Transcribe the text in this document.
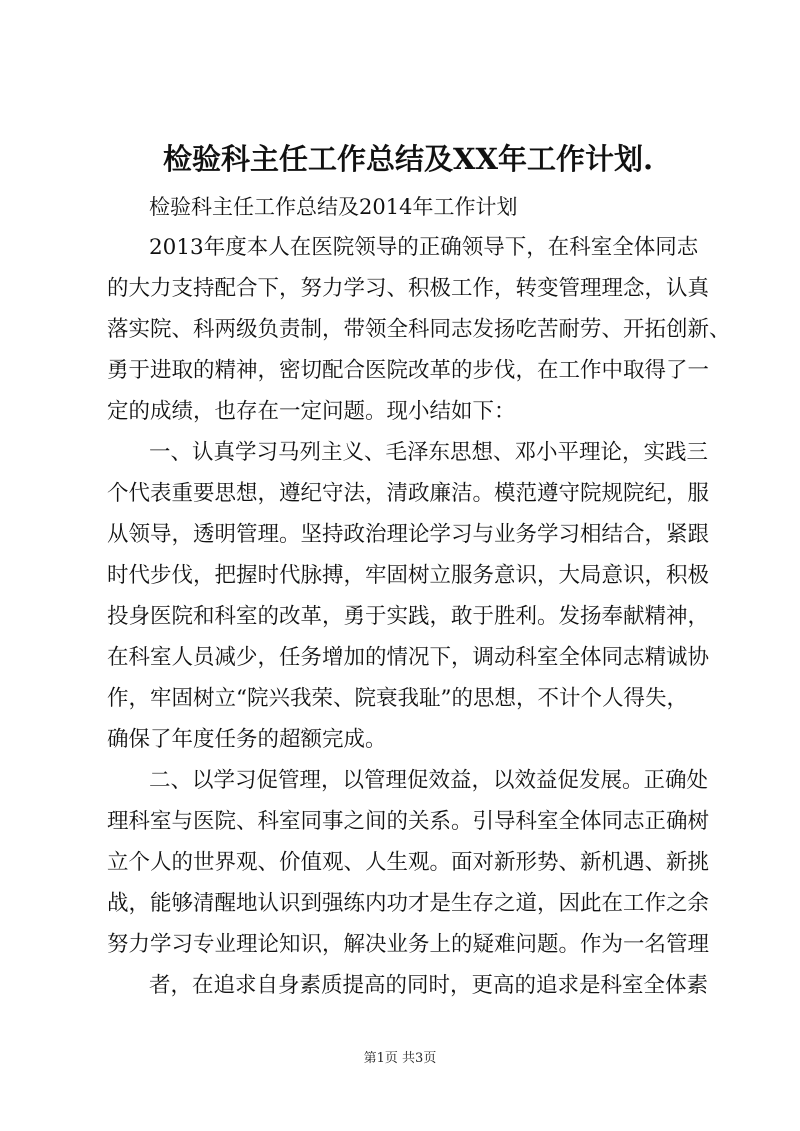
检验科主任工作总结及XX年工作计划.
检验科主任工作总结及2014年工作计划
2013年度本人在医院领导的正确领导下，在科室全体同志
的大力支持配合下，努力学习、积极工作，转变管理理念，认真
落实院、科两级负责制，带领全科同志发扬吃苦耐劳、开拓创新、
勇于进取的精神，密切配合医院改革的步伐，在工作中取得了一
定的成绩，也存在一定问题。现小结如下：
一、认真学习马列主义、毛泽东思想、邓小平理论，实践三
个代表重要思想，遵纪守法，清政廉洁。模范遵守院规院纪，服
从领导，透明管理。坚持政治理论学习与业务学习相结合，紧跟
时代步伐，把握时代脉搏，牢固树立服务意识，大局意识，积极
投身医院和科室的改革，勇于实践，敢于胜利。发扬奉献精神，
在科室人员减少，任务增加的情况下，调动科室全体同志精诚协
作，牢固树立“院兴我荣、院衰我耻”的思想，不计个人得失，
确保了年度任务的超额完成。
二、以学习促管理，以管理促效益，以效益促发展。正确处
理科室与医院、科室同事之间的关系。引导科室全体同志正确树
立个人的世界观、价值观、人生观。面对新形势、新机遇、新挑
战，能够清醒地认识到强练内功才是生存之道，因此在工作之余
努力学习专业理论知识，解决业务上的疑难问题。作为一名管理
者，在追求自身素质提高的同时，更高的追求是科室全体素
第1页 共3页
